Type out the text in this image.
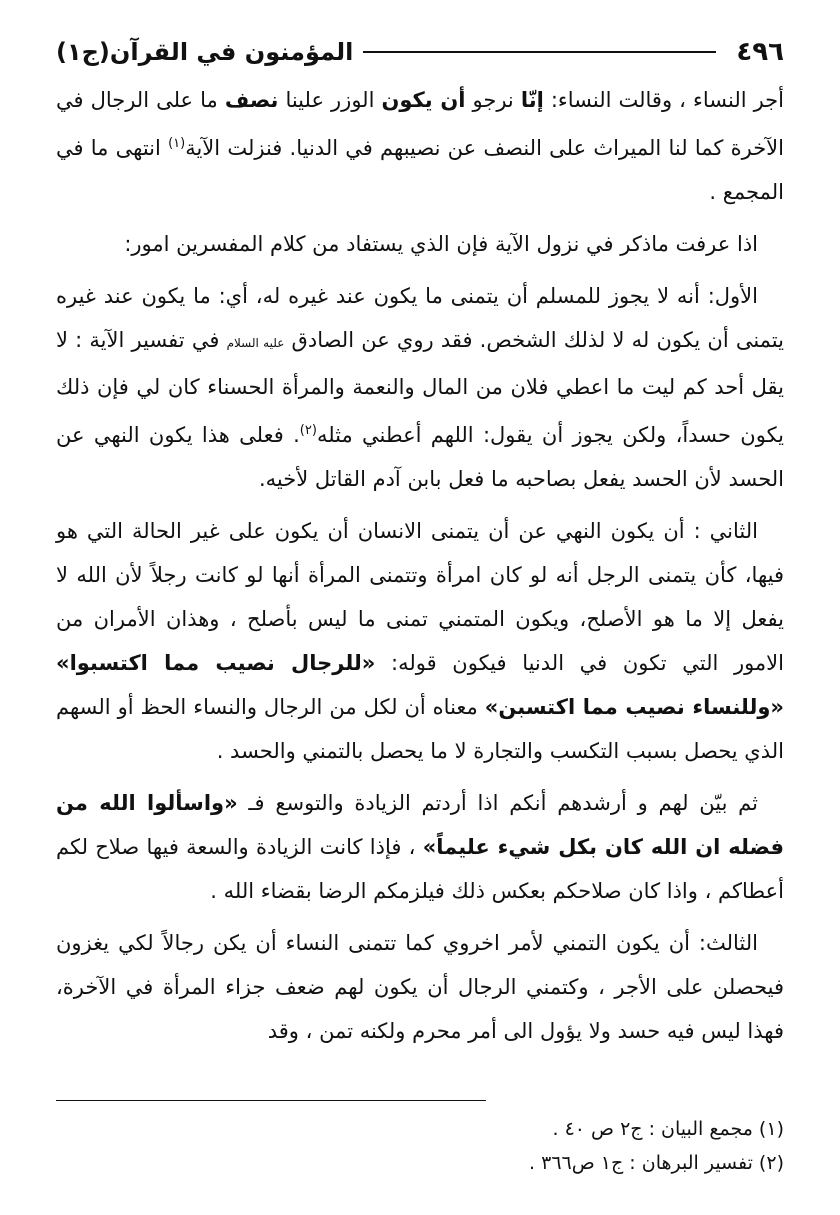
٤٩٦
المؤمنون في القرآن(ج١)

أجر النساء ، وقالت النساء: إنّا نرجو أن يكون الوزر علينا نصف ما على الرجال في الآخرة كما لنا الميراث على النصف عن نصيبهم في الدنيا. فنزلت الآية$^{(١)}$ انتهى ما في المجمع .

اذا عرفت ماذكر في نزول الآية فإن الذي يستفاد من كلام المفسرين امور:

الأول: أنه لا يجوز للمسلم أن يتمنى ما يكون عند غيره له، أي: ما يكون عند غيره يتمنى أن يكون له لا لذلك الشخص. فقد روي عن الصادق عليه السلام في تفسير الآية : لا يقل أحد كم ليت ما اعطي فلان من المال والنعمة والمرأة الحسناء كان لي فإن ذلك يكون حسداً، ولكن يجوز أن يقول: اللهم أعطني مثله$^{(٢)}$. فعلى هذا يكون النهي عن الحسد لأن الحسد يفعل بصاحبه ما فعل بابن آدم القاتل لأخيه.

الثاني : أن يكون النهي عن أن يتمنى الانسان أن يكون على غير الحالة التي هو فيها، كأن يتمنى الرجل أنه لو كان امرأة وتتمنى المرأة أنها لو كانت رجلاً لأن الله لا يفعل إلا ما هو الأصلح، ويكون المتمني تمنى ما ليس بأصلح ، وهذان الأمران من الامور التي تكون في الدنيا فيكون قوله: «للرجال نصيب مما اكتسبوا» «وللنساء نصيب مما اكتسبن» معناه أن لكل من الرجال والنساء الحظ أو السهم الذي يحصل بسبب التكسب والتجارة لا ما يحصل بالتمني والحسد .

ثم بيّن لهم و أرشدهم أنكم اذا أردتم الزيادة والتوسع فـ «واسألوا الله من فضله ان الله كان بكل شيء عليماً» ، فإذا كانت الزيادة والسعة فيها صلاح لكم أعطاكم ، واذا كان صلاحكم بعكس ذلك فيلزمكم الرضا بقضاء الله .

الثالث: أن يكون التمني لأمر اخروي كما تتمنى النساء أن يكن رجالاً لكي يغزون فيحصلن على الأجر ، وكتمني الرجال أن يكون لهم ضعف جزاء المرأة في الآخرة، فهذا ليس فيه حسد ولا يؤول الى أمر محرم ولكنه تمن ، وقد

(١) مجمع البيان : ج٢ ص ٤٠ .

(٢) تفسير البرهان : ج١ ص٣٦٦ .
